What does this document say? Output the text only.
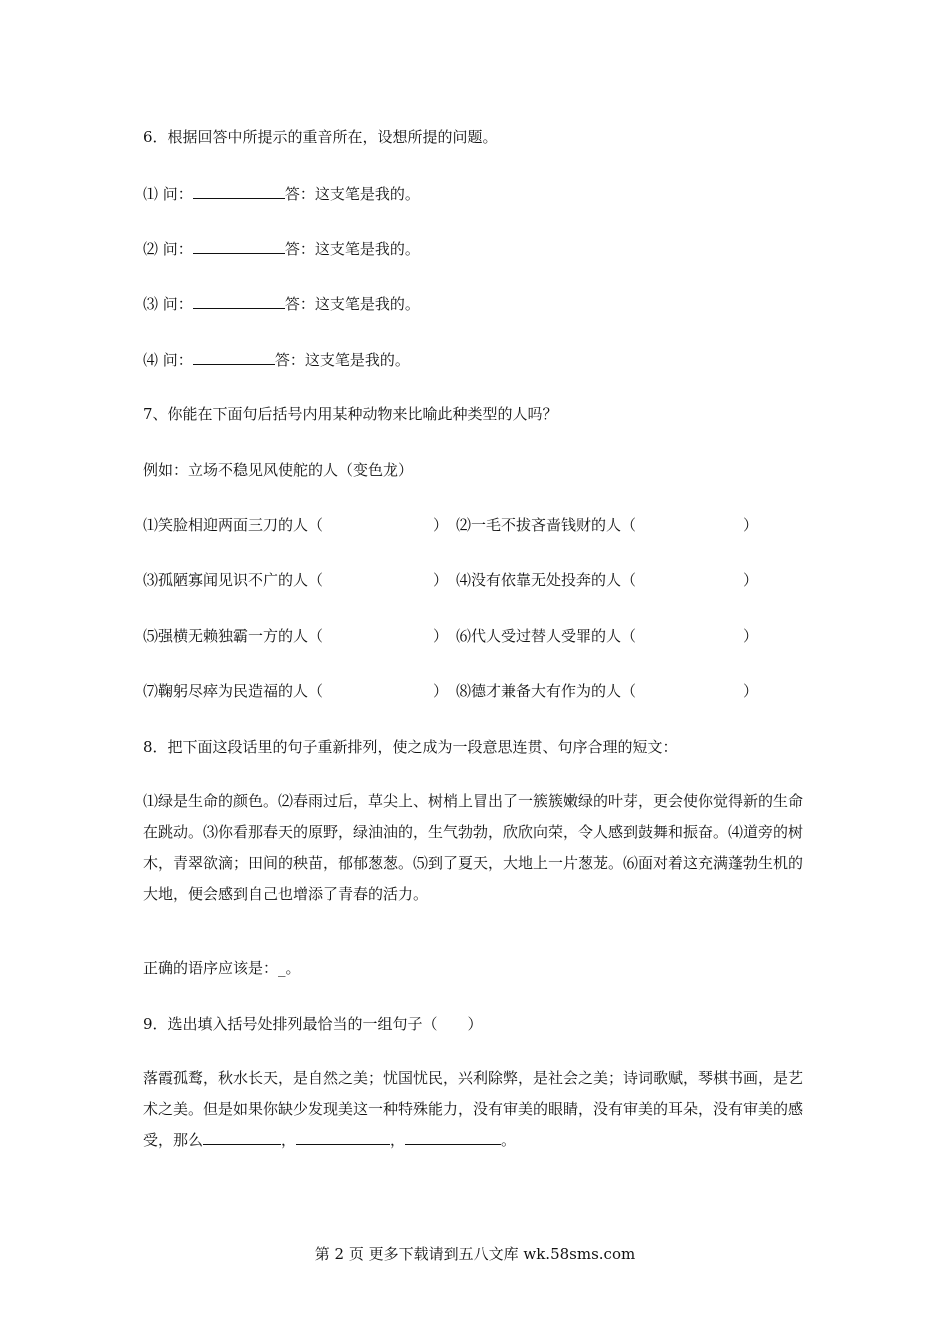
6．根据回答中所提示的重音所在，设想所提的问题。
⑴ 问：	答：这支笔是我的。
⑵ 问：	答：这支笔是我的。
⑶ 问：	答：这支笔是我的。
⑷ 问：	答：这支笔是我的。
7、你能在下面句后括号内用某种动物来比喻此种类型的人吗？
例如：立场不稳见风使舵的人（变色龙）
⑴笑脸相迎两面三刀的人（	） ⑵一毛不拔吝啬钱财的人（	）
⑶孤陋寡闻见识不广的人（	） ⑷没有依靠无处投奔的人（	）
⑸强横无赖独霸一方的人（	） ⑹代人受过替人受罪的人（	）
⑺鞠躬尽瘁为民造福的人（	） ⑻德才兼备大有作为的人（	）
8．把下面这段话里的句子重新排列，使之成为一段意思连贯、句序合理的短文：
⑴绿是生命的颜色。⑵春雨过后，草尖上、树梢上冒出了一簇簇嫩绿的叶芽，更会使你觉得新的生命在跳动。⑶你看那春天的原野，绿油油的，生气勃勃，欣欣向荣，令人感到鼓舞和振奋。⑷道旁的树木，青翠欲滴；田间的秧苗，郁郁葱葱。⑸到了夏天，大地上一片葱茏。⑹面对着这充满蓬勃生机的大地，便会感到自己也增添了青春的活力。
正确的语序应该是：_。
9．选出填入括号处排列最恰当的一组句子（　　）
落霞孤鹜，秋水长天，是自然之美；忧国忧民，兴利除弊，是社会之美；诗词歌赋，琴棋书画，是艺术之美。但是如果你缺少发现美这一种特殊能力，没有审美的眼睛，没有审美的耳朵，没有审美的感受，那么	，	，	。
第 2 页 更多下载请到五八文库 wk.58sms.com
